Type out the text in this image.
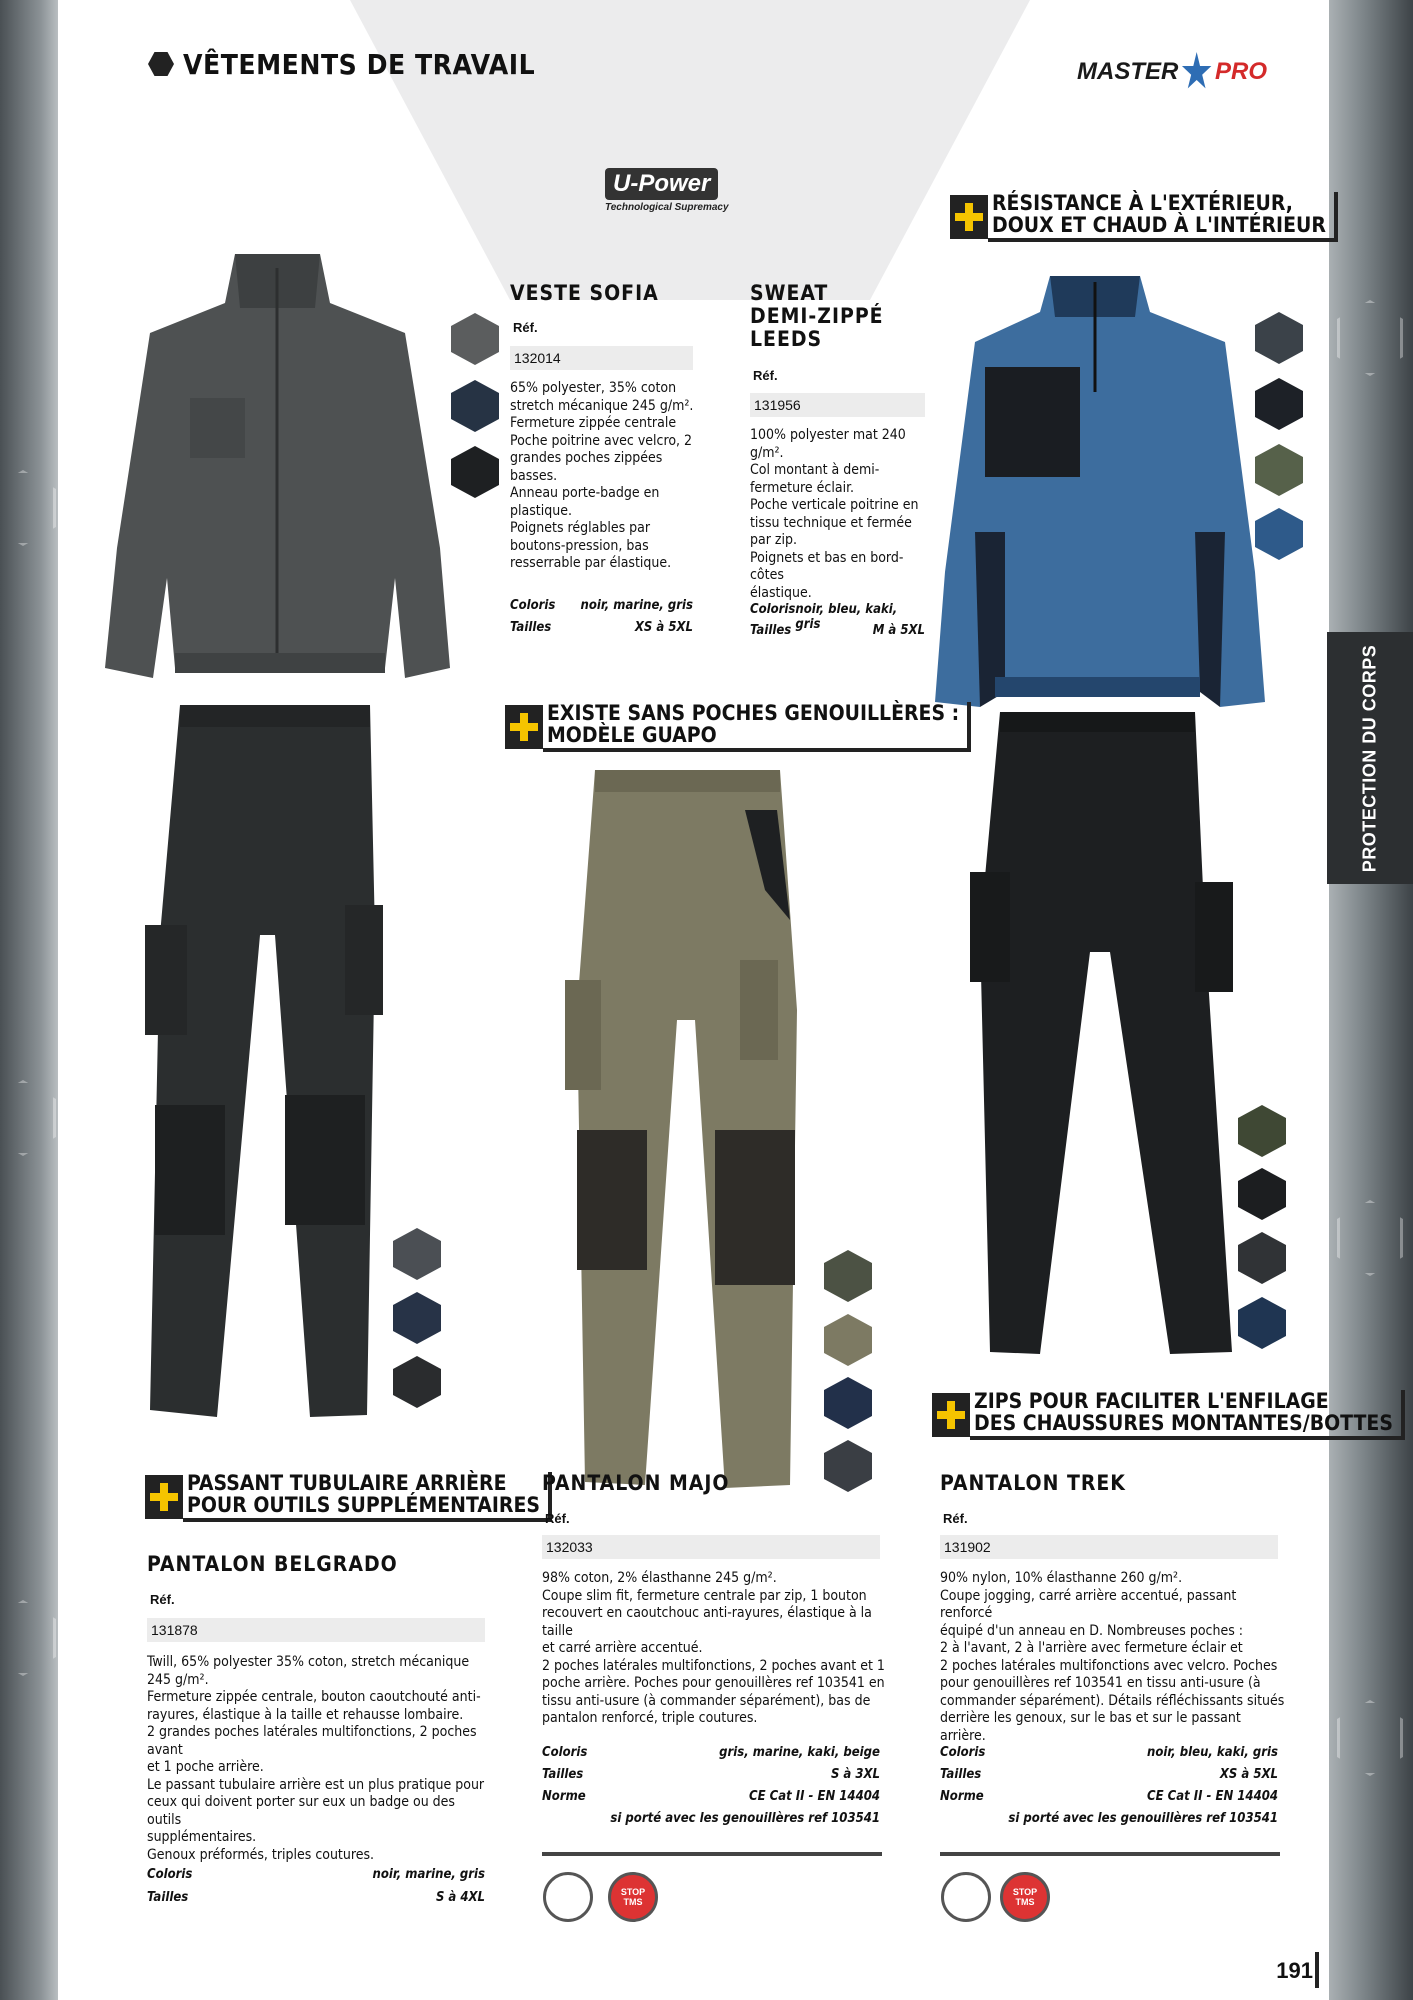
PROTECTION DU CORPS
VÊTEMENTS DE TRAVAIL	MASTER PRO
U-Power
Technological Supremacy	RÉSISTANCE À L'EXTÉRIEUR,
DOUX ET CHAUD À L'INTÉRIEUR
EXISTE SANS POCHES GENOUILLÈRES :
MODÈLE GUAPO
PASSANT TUBULAIRE ARRIÈRE
POUR OUTILS SUPPLÉMENTAIRES
ZIPS POUR FACILITER L'ENFILAGE
DES CHAUSSURES MONTANTES/BOTTES
VESTE SOFIA
Réf.
132014
65% polyester, 35% coton
stretch mécanique 245 g/m².
Fermeture zippée centrale
Poche poitrine avec velcro, 2
grandes poches zippées basses.
Anneau porte-badge en
plastique.
Poignets réglables par
boutons-pression, bas
resserrable par élastique.
Coloris noir, marine, gris
Tailles	XS à 5XL
SWEAT
DEMI-ZIPPÉ
LEEDS
Réf.
131956
100% polyester mat 240 g/m².
Col montant à demi-
fermeture éclair.
Poche verticale poitrine en
tissu technique et fermée
par zip.
Poignets et bas en bord-côtes
élastique.
Coloris noir, bleu, kaki, gris
Tailles	M à 5XL
PANTALON BELGRADO
Réf.
131878
Twill, 65% polyester 35% coton, stretch mécanique
245 g/m².
Fermeture zippée centrale, bouton caoutchouté anti-
rayures, élastique à la taille et rehausse lombaire.
2 grandes poches latérales multifonctions, 2 poches avant
et 1 poche arrière.
Le passant tubulaire arrière est un plus pratique pour
ceux qui doivent porter sur eux un badge ou des outils
supplémentaires.
Genoux préformés, triples coutures.
Coloris	noir, marine, gris
Tailles	S à 4XL
PANTALON MAJO
Réf.
132033
98% coton, 2% élasthanne 245 g/m².
Coupe slim fit, fermeture centrale par zip, 1 bouton
recouvert en caoutchouc anti-rayures, élastique à la taille
et carré arrière accentué.
2 poches latérales multifonctions, 2 poches avant et 1
poche arrière. Poches pour genouillères ref 103541 en
tissu anti-usure (à commander séparément), bas de
pantalon renforcé, triple coutures.
Coloris	gris, marine, kaki, beige
Tailles	S à 3XL
Norme	CE Cat II - EN 14404
si porté avec les genouillères ref 103541
STOP TMS
PANTALON TREK
Réf.
131902
90% nylon, 10% élasthanne 260 g/m².
Coupe jogging, carré arrière accentué, passant renforcé
équipé d'un anneau en D. Nombreuses poches :
2 à l'avant, 2 à l'arrière avec fermeture éclair et
2 poches latérales multifonctions avec velcro. Poches
pour genouillères ref 103541 en tissu anti-usure (à
commander séparément). Détails réfléchissants situés
derrière les genoux, sur le bas et sur le passant arrière.
Coloris	noir, bleu, kaki, gris
Tailles	XS à 5XL
Norme	CE Cat II - EN 14404
si porté avec les genouillères ref 103541
STOP TMS
191
